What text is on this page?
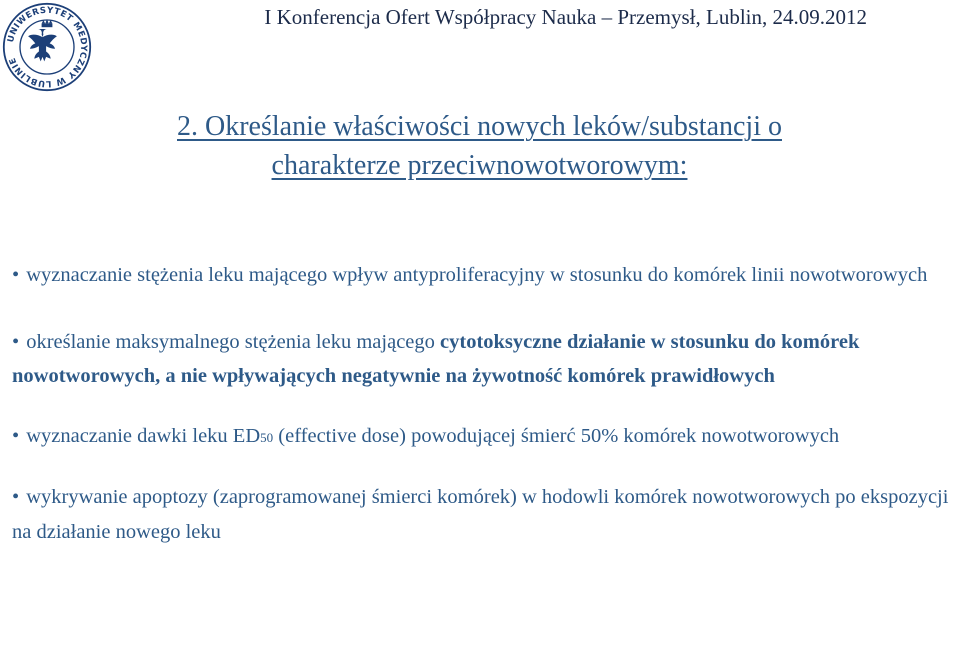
UNIWERSYTET MEDYCZNY W LUBLINIE
I Konferencja Ofert Współpracy Nauka – Przemysł, Lublin, 24.09.2012
2. Określanie właściwości nowych leków/substancji o
charakterze przeciwnowotworowym:

• wyznaczanie stężenia leku mającego wpływ antyproliferacyjny w stosunku do komórek linii nowotworowych

• określanie maksymalnego stężenia leku mającego cytotoksyczne działanie w stosunku do komórek nowotworowych, a nie wpływających negatywnie na żywotność komórek prawidłowych

• wyznaczanie dawki leku ED50 (effective dose) powodującej śmierć 50% komórek nowotworowych

• wykrywanie apoptozy (zaprogramowanej śmierci komórek) w hodowli komórek nowotworowych po ekspozycji na działanie nowego leku
